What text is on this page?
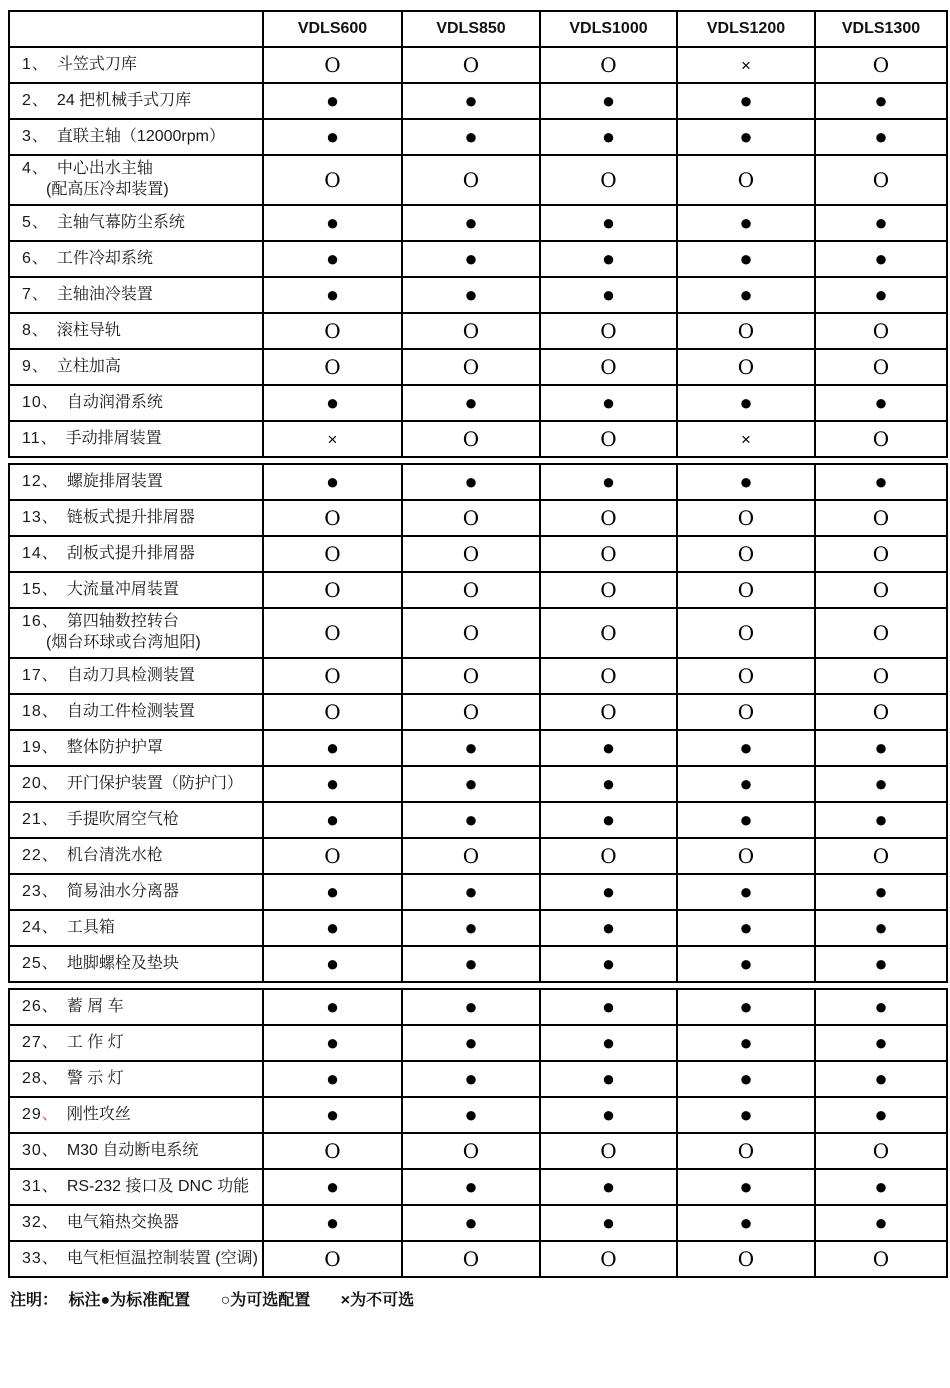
	VDLS600	VDLS850	VDLS1000	VDLS1200	VDLS1300

1、 斗笠式刀库	O	O	O	×	O

2、 24 把机械手式刀库	●	●	●	●	●

3、 直联主轴（12000rpm）	●	●	●	●	●

4、 中心出水主轴
(配高压冷却装置)	O	O	O	O	O

5、 主轴气幕防尘系统	●	●	●	●	●

6、 工件冷却系统	●	●	●	●	●

7、 主轴油冷装置	●	●	●	●	●

8、 滚柱导轨	O	O	O	O	O

9、 立柱加高	O	O	O	O	O

10、 自动润滑系统	●	●	●	●	●

11、 手动排屑装置	×	O	O	×	O
12、 螺旋排屑装置	●	●	●	●	●

13、 链板式提升排屑器	O	O	O	O	O

14、 刮板式提升排屑器	O	O	O	O	O

15、 大流量冲屑装置	O	O	O	O	O

16、 第四轴数控转台
(烟台环球或台湾旭阳)	O	O	O	O	O

17、 自动刀具检测装置	O	O	O	O	O

18、 自动工件检测装置	O	O	O	O	O

19、 整体防护护罩	●	●	●	●	●

20、 开门保护装置（防护门）	●	●	●	●	●

21、 手提吹屑空气枪	●	●	●	●	●

22、 机台清洗水枪	O	O	O	O	O

23、 简易油水分离器	●	●	●	●	●

24、 工具箱	●	●	●	●	●

25、 地脚螺栓及垫块	●	●	●	●	●
26、 蓄 屑 车	●	●	●	●	●

27、 工 作 灯	●	●	●	●	●

28、 警 示 灯	●	●	●	●	●

29、 刚性攻丝	●	●	●	●	●

30、 M30 自动断电系统	O	O	O	O	O

31、 RS-232 接口及 DNC 功能	●	●	●	●	●

32、 电气箱热交换器	●	●	●	●	●

33、 电气柜恒温控制装置 (空调)	O	O	O	O	O
注明： 标注●为标准配置 ○为可选配置 ×为不可选
